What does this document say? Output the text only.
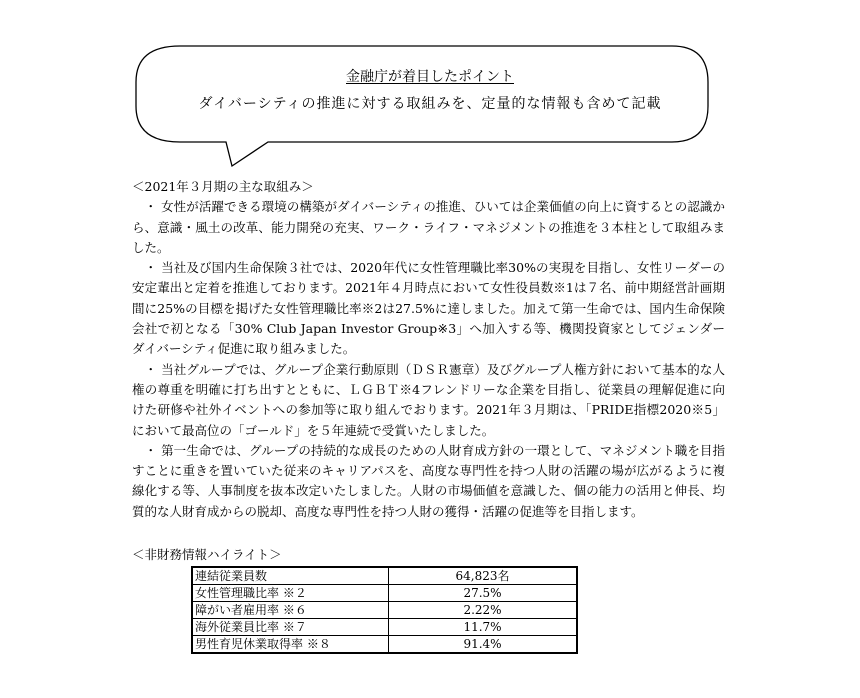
金融庁が着目したポイント
ダイバーシティの推進に対する取組みを、定量的な情報も含めて記載

＜2021年３月期の主な取組み＞

・ 女性が活躍できる環境の構築がダイバーシティの推進、ひいては企業価値の向上に資するとの認識から、意識・風土の改革、能力開発の充実、ワーク・ライフ・マネジメントの推進を３本柱として取組みました。

・ 当社及び国内生命保険３社では、2020年代に女性管理職比率30%の実現を目指し、女性リーダーの安定輩出と定着を推進しております。2021年４月時点において女性役員数※1は７名、前中期経営計画期間に25%の目標を掲げた女性管理職比率※2は27.5%に達しました。加えて第一生命では、国内生命保険会社で初となる「30% Club Japan Investor Group※3」へ加入する等、機関投資家としてジェンダーダイバーシティ促進に取り組みました。

・ 当社グループでは、グループ企業行動原則（ＤＳＲ憲章）及びグループ人権方針において基本的な人権の尊重を明確に打ち出すとともに、ＬＧＢＴ※4フレンドリーな企業を目指し、従業員の理解促進に向けた研修や社外イベントへの参加等に取り組んでおります。2021年３月期は、「PRIDE指標2020※5」において最高位の「ゴールド」を５年連続で受賞いたしました。

・ 第一生命では、グループの持続的な成長のための人財育成方針の一環として、マネジメント職を目指すことに重きを置いていた従来のキャリアパスを、高度な専門性を持つ人財の活躍の場が広がるように複線化する等、人事制度を抜本改定いたしました。人財の市場価値を意識した、個の能力の活用と伸長、均質的な人財育成からの脱却、高度な専門性を持つ人財の獲得・活躍の促進等を目指します。

＜非財務情報ハイライト＞
連結従業員数	64,823名
女性管理職比率 ※２	27.5%
障がい者雇用率 ※６	2.22%
海外従業員比率 ※７	11.7%
男性育児休業取得率 ※８	91.4%
